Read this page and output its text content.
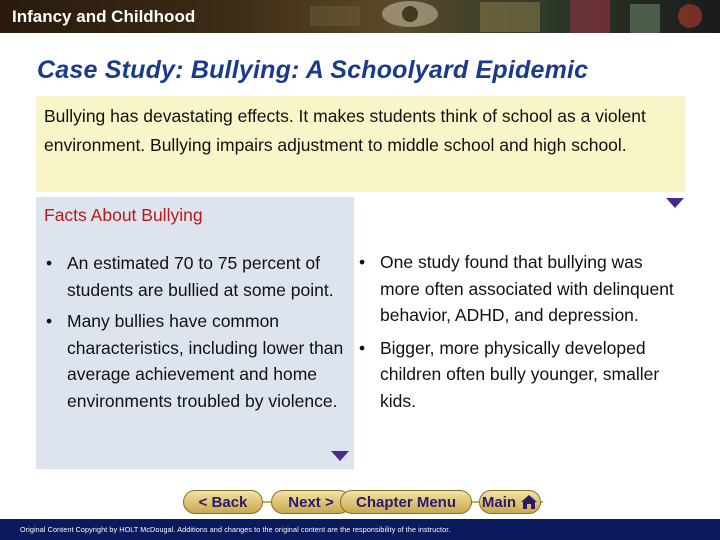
Infancy and Childhood
Case Study: Bullying: A Schoolyard Epidemic
Bullying has devastating effects. It makes students think of school as a violent environment. Bullying impairs adjustment to middle school and high school.
Facts About Bullying
• An estimated 70 to 75 percent of students are bullied at some point.
• Many bullies have common characteristics, including lower than average achievement and home environments troubled by violence.
• One study found that bullying was more often associated with delinquent behavior, ADHD, and depression.
• Bigger, more physically developed children often bully younger, smaller kids.
< Back	Next >	Chapter Menu	Main
Original Content Copyright by HOLT McDougal. Additions and changes to the original content are the responsibility of the instructor.
